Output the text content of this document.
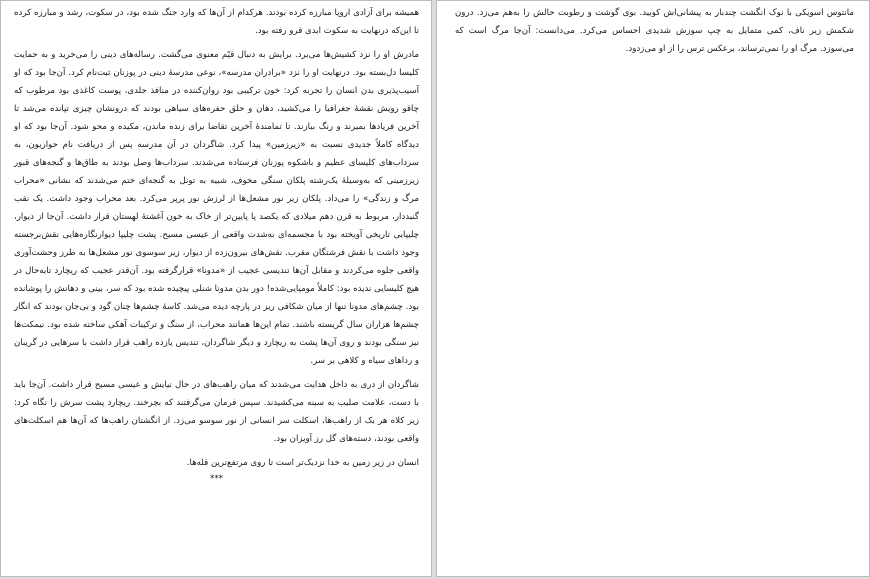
همیشه برای آزادی اروپا مبارزه کرده بودند. هرکدام از آن‌ها که وارد جنگ شده بود، در سکوت، رشد و مبارزه کرده تا این‌که درنهایت به سکوت ابدی فرو رفته بود.

مادرش او را نزد کشیش‌ها می‌برد. برایش به دنبال قیّم معنوی می‌گشت. رساله‌های دینی را می‌خرید و به حمایت کلیسا دل‌بسته بود. درنهایت او را نزد «برادران مدرسه»، نوعی مدرسهٔ دینی در پوزنان ثبت‌نام کرد. آن‌جا بود که او آسیب‌پذیری بدن انسان را تجربه کرد: خون ترکیبی بود روان‌کننده در منافذ جلدی، پوست کاغذی بود مرطوب که چاقو رویش نقشهٔ جغرافیا را می‌کشید، دهان و حلق حفره‌های سیاهی بودند که درونشان چیزی تپانده می‌شد تا آخرین فریادها بمیرند و رنگ ببازند. تا تمامندهٔ آخرین تقاضا برای زنده ماندن، مکیده و محو شود. آن‌جا بود که او دیدگاه کاملاً جدیدی نسبت به «زیرزمین» پیدا کرد. شاگردان در آن مدرسه پس از دریافت نام حواریون، به سرداب‌های کلیسای عظیم و باشکوه پوزنان فرستاده می‌شدند. سرداب‌ها وصل بودند به طاق‌ها و گنجه‌های قبور زیرزمینی که به‌وسیلهٔ یک‌رشته پلکان سنگی مخوف، شبیه به تونل به گنجه‌ای ختم می‌شدند که نشانی «محراب مرگ و زندگی» را می‌داد. پلکان زیر نور مشعل‌ها از لرزش نور پرپر می‌کرد. بعد محراب وجود داشت. یک نقب گنبددار، مربوط به قرن دهم میلادی که یکصد پا پایین‌تر از خاک به خون آغشتهٔ لهستان قرار داشت. آن‌جا از دیوار، چلیپایی تاریخی آویخته بود با مجسمه‌ای به‌شدت واقعی از عیسی مسیح. پشت چلیپا دیوارنگاره‌هایی نقش‌برجسته وجود داشت با نقش فرشتگان مقرب. نقش‌های بیرون‌زده از دیوار، زیر سوسوی نور مشعل‌ها به طرز وحشت‌آوری واقعی جلوه می‌کردند و مقابل آن‌ها تندیسی عجیب از «مدونا» قرارگرفته بود. آن‌قدر عجیب که ریچارد تابه‌حال در هیچ کلیسایی ندیده بود: کاملاً مومیایی‌شده! دور بدن مدونا شنلی پیچیده شده بود که سر، بینی و دهانش را پوشانده بود. چشم‌های مدونا تنها از میان شکافی ریز در پارچه دیده می‌شد. کاسهٔ چشم‌ها چنان گود و بی‌جان بودند که انگار چشم‌ها هزاران سال گریسته باشند. تمام این‌ها همانند محراب، از سنگ و ترکیبات آهکی ساخته شده بود. نیمکت‌ها نیز سنگی بودند و روی آن‌ها پشت به ریچارد و دیگر شاگردان، تندیس یازده راهب قرار داشت با سرهایی در گریبان و رداهای سیاه و کلاهی بر سر.

شاگردان از دری به داخل هدایت می‌شدند که میان راهب‌های در حال نیایش و عیسی مسیح قرار داشت. آن‌جا باید با دست، علامت صلیب به سینه می‌کشیدند. سپس فرمان می‌گرفتند که بچرخند. ریچارد پشت سرش را نگاه کرد: زیر کلاه هر یک از راهب‌ها، اسکلت سر انسانی از نور سوسو می‌زد. از انگشتان راهب‌ها که آن‌ها هم اسکلت‌های واقعی بودند، دسته‌های گل رز آویزان بود.

انسان در زیر زمین به خدا نزدیک‌تر است تا روی مرتفع‌ترین قله‌ها.

***

مانتوس اسویکی با نوک انگشت چندبار به پیشانی‌اش کوبید. بوی گوشت و رطوبت حالش را به‌هم می‌زد. درون شکمش زیر ناف، کمی متمایل به چپ سوزش شدیدی احساس می‌کرد. می‌دانست: آن‌جا مرگ است که می‌سوزد. مرگ او را نمی‌ترساند، برعکس ترس را از او می‌زدود.
